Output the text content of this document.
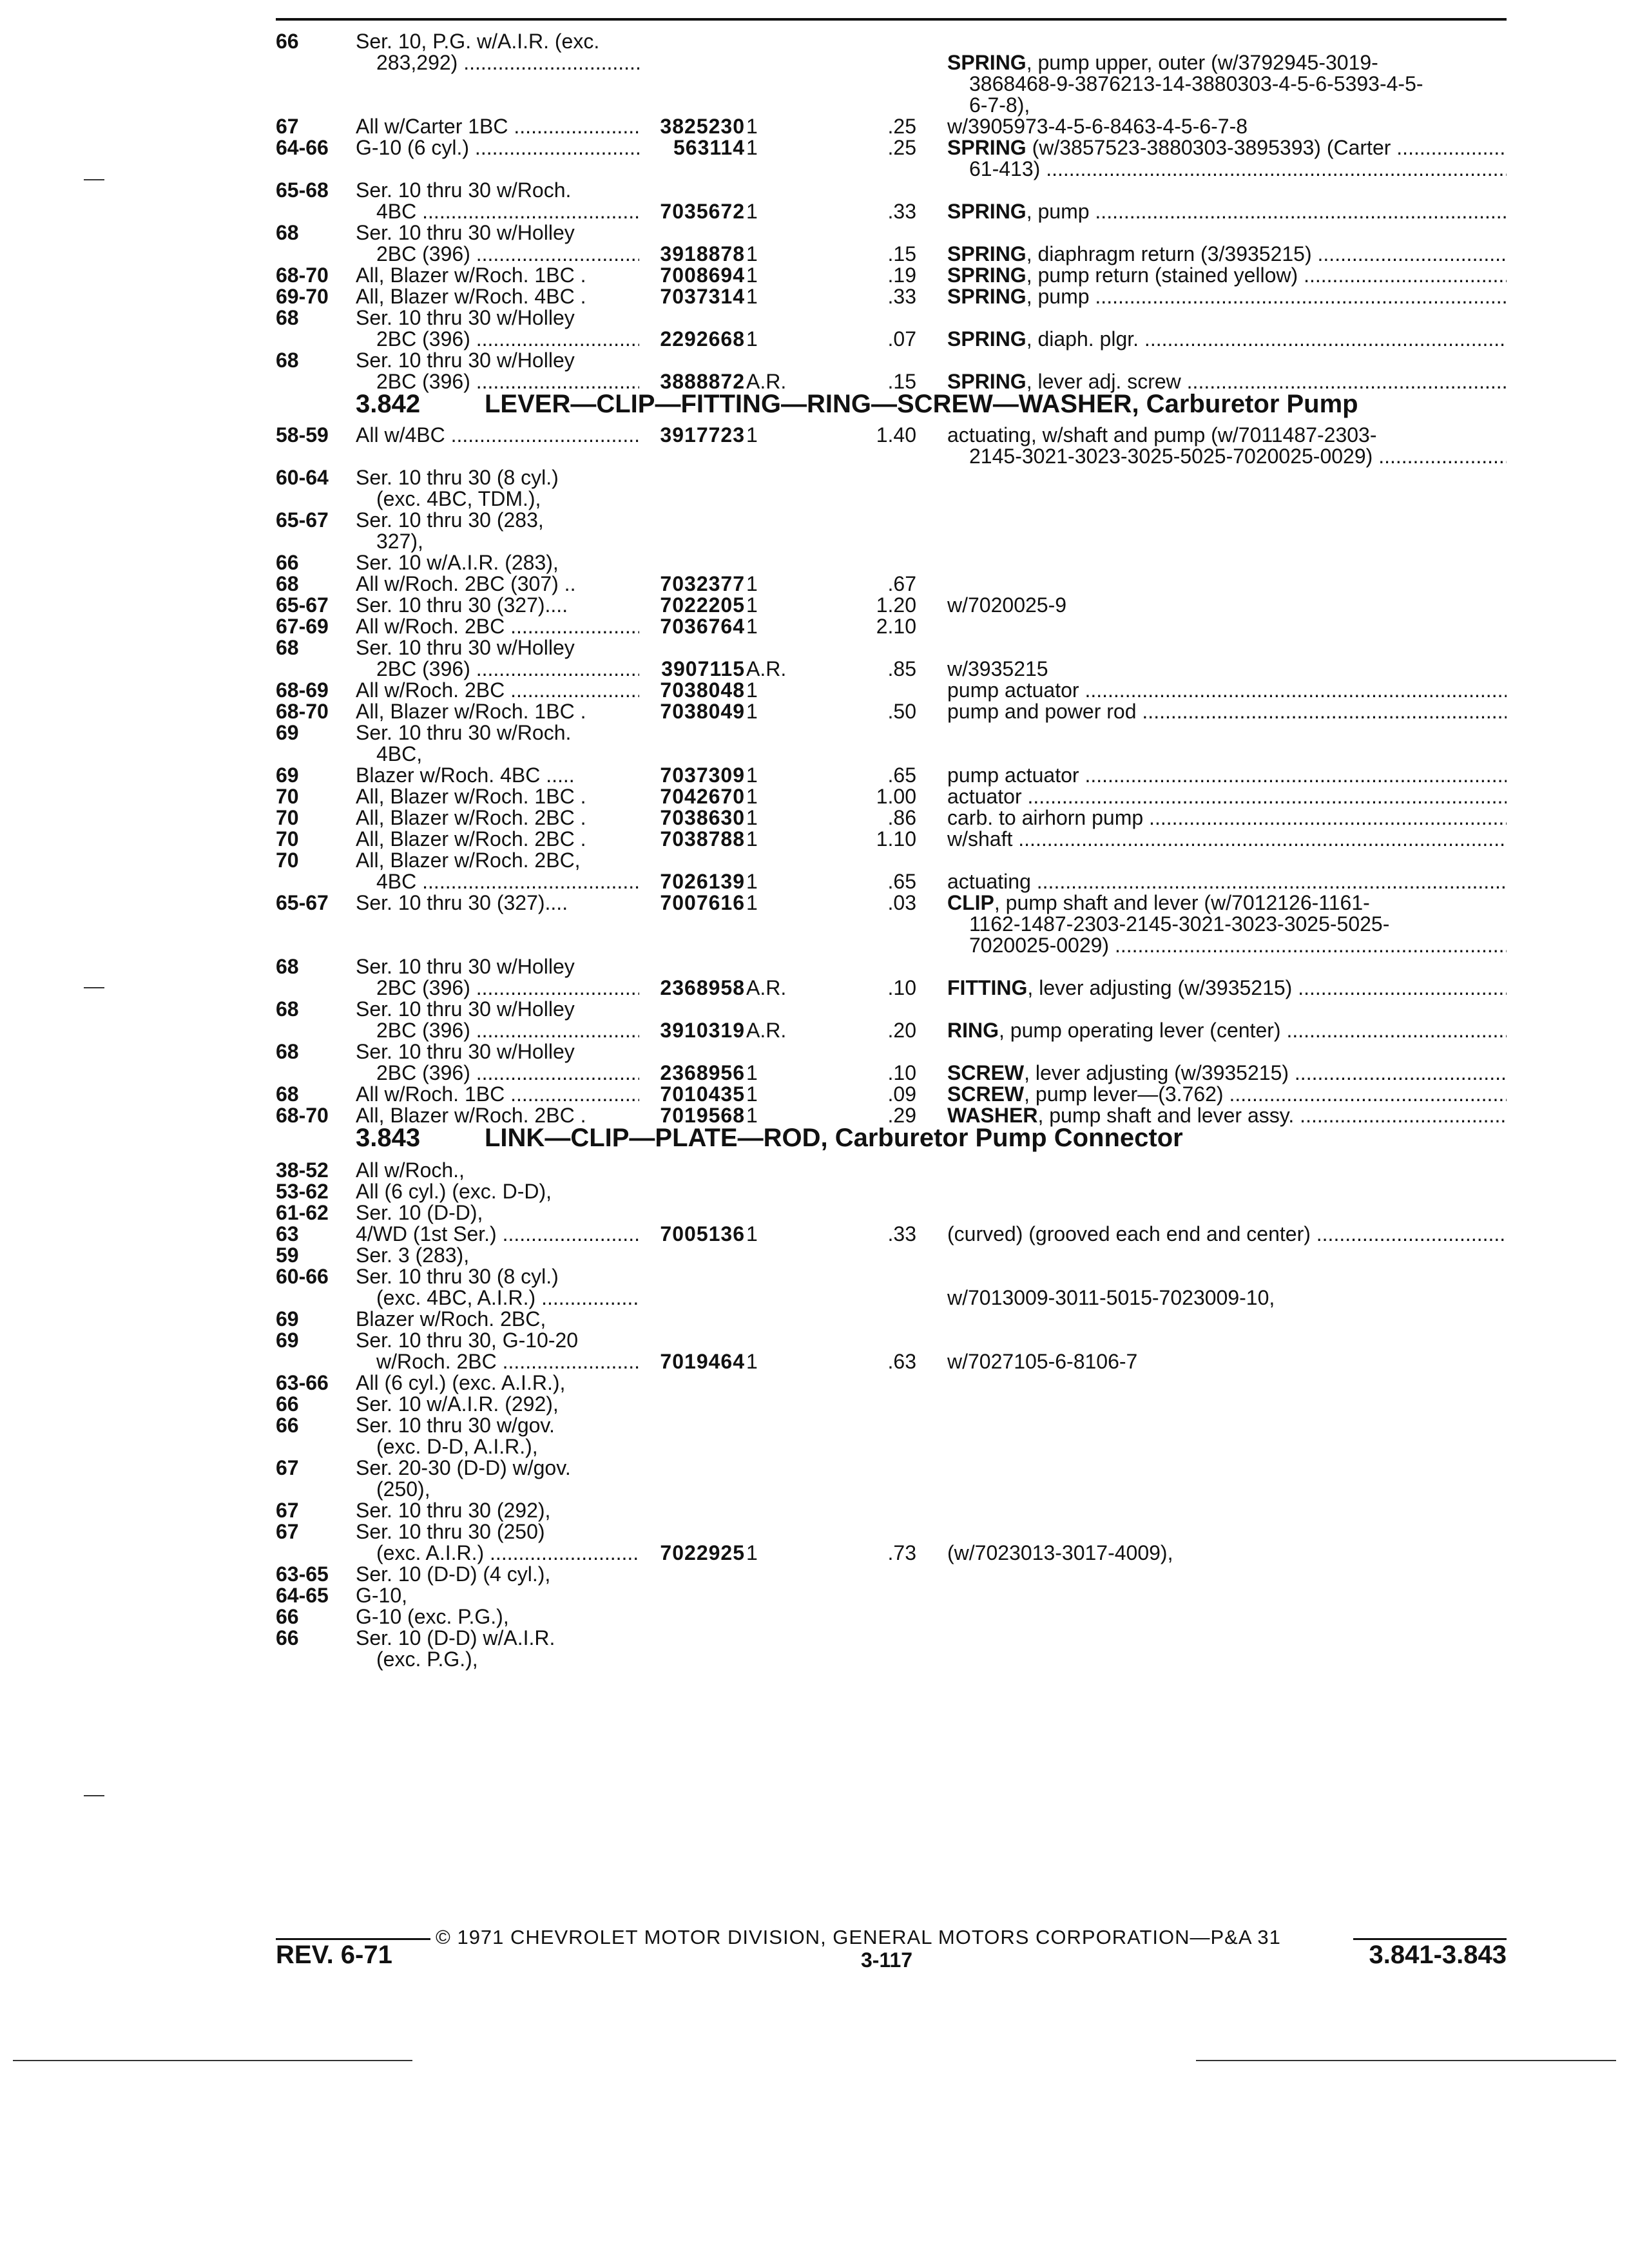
66	Ser. 10, P.G. w/A.I.R. (exc.
283,292) .....	SPRING, pump upper, outer (w/3792945-3019-
3868468-9-3876213-14-3880303-4-5-6-5393-4-5-
6-7-8),
67	All w/Carter 1BC .....	3825230 1	.25 w/3905973-4-5-6-8463-4-5-6-7-8
64-66	G-10 (6 cyl.) .....	563114 1	.25 SPRING (w/3857523-3880303-3895393) (Carter .....
61-413) .....
65-68	Ser. 10 thru 30 w/Roch.
4BC .....	7035672 1	.33 SPRING, pump .....
68	Ser. 10 thru 30 w/Holley
2BC (396) .....	3918878 1	.15 SPRING, diaphragm return (3/3935215) .....
68-70	All, Blazer w/Roch. 1BC .	7008694 1	.19 SPRING, pump return (stained yellow) .....
69-70	All, Blazer w/Roch. 4BC .	7037314 1	.33 SPRING, pump .....
68	Ser. 10 thru 30 w/Holley
2BC (396) .....	2292668 1	.07 SPRING, diaph. plgr. .....
68	Ser. 10 thru 30 w/Holley
2BC (396) .....	3888872 A.R.	.15 SPRING, lever adj. screw .....
3.842 LEVER—CLIP—FITTING—RING—SCREW—WASHER, Carburetor Pump
58-59	All w/4BC .....	3917723 1	1.40 actuating, w/shaft and pump (w/7011487-2303-
2145-3021-3023-3025-5025-7020025-0029) .....
60-64	Ser. 10 thru 30 (8 cyl.)
(exc. 4BC, TDM.),
65-67	Ser. 10 thru 30 (283,
327),
66	Ser. 10 w/A.I.R. (283),
68	All w/Roch. 2BC (307) ..	7032377 1	.67
65-67	Ser. 10 thru 30 (327)....	7022205 1	1.20 w/7020025-9
67-69	All w/Roch. 2BC .....	7036764 1	2.10
68	Ser. 10 thru 30 w/Holley
2BC (396) .....	3907115 A.R.	.85 w/3935215
68-69	All w/Roch. 2BC .....	7038048 1	pump actuator .....
68-70	All, Blazer w/Roch. 1BC .	7038049 1	.50 pump and power rod .....
69	Ser. 10 thru 30 w/Roch.
4BC,
69	Blazer w/Roch. 4BC .....	7037309 1	.65 pump actuator .....
70	All, Blazer w/Roch. 1BC .	7042670 1	1.00 actuator .....
70	All, Blazer w/Roch. 2BC .	7038630 1	.86 carb. to airhorn pump .....
70	All, Blazer w/Roch. 2BC .	7038788 1	1.10 w/shaft .....
70	All, Blazer w/Roch. 2BC,
4BC .....	7026139 1	.65 actuating .....
65-67	Ser. 10 thru 30 (327)....	7007616 1	.03 CLIP, pump shaft and lever (w/7012126-1161-
1162-1487-2303-2145-3021-3023-3025-5025-
7020025-0029) .....
68	Ser. 10 thru 30 w/Holley
2BC (396) .....	2368958 A.R.	.10 FITTING, lever adjusting (w/3935215) .....
68	Ser. 10 thru 30 w/Holley
2BC (396) .....	3910319 A.R.	.20 RING, pump operating lever (center) .....
68	Ser. 10 thru 30 w/Holley
2BC (396) .....	2368956 1	.10 SCREW, lever adjusting (w/3935215) .....
68	All w/Roch. 1BC .....	7010435 1	.09 SCREW, pump lever—(3.762) .....
68-70	All, Blazer w/Roch. 2BC .	7019568 1	.29 WASHER, pump shaft and lever assy. .....
3.843 LINK—CLIP—PLATE—ROD, Carburetor Pump Connector
38-52	All w/Roch.,
53-62	All (6 cyl.) (exc. D-D),
61-62	Ser. 10 (D-D),
63	4/WD (1st Ser.) .....	7005136 1	.33 (curved) (grooved each end and center) .....
59	Ser. 3 (283),
60-66	Ser. 10 thru 30 (8 cyl.)
(exc. 4BC, A.I.R.) .....	w/7013009-3011-5015-7023009-10,
69	Blazer w/Roch. 2BC,
69	Ser. 10 thru 30, G-10-20
w/Roch. 2BC .....	7019464 1	.63 w/7027105-6-8106-7
63-66	All (6 cyl.) (exc. A.I.R.),
66	Ser. 10 w/A.I.R. (292),
66	Ser. 10 thru 30 w/gov.
(exc. D-D, A.I.R.),
67	Ser. 20-30 (D-D) w/gov.
(250),
67	Ser. 10 thru 30 (292),
67	Ser. 10 thru 30 (250)
(exc. A.I.R.) .....	7022925 1	.73 (w/7023013-3017-4009),
63-65	Ser. 10 (D-D) (4 cyl.),
64-65	G-10,
66	G-10 (exc. P.G.),
66	Ser. 10 (D-D) w/A.I.R.
(exc. P.G.),
© 1971 CHEVROLET MOTOR DIVISION, GENERAL MOTORS CORPORATION—P&A 31
REV. 6-71	3-117	3.841-3.843
